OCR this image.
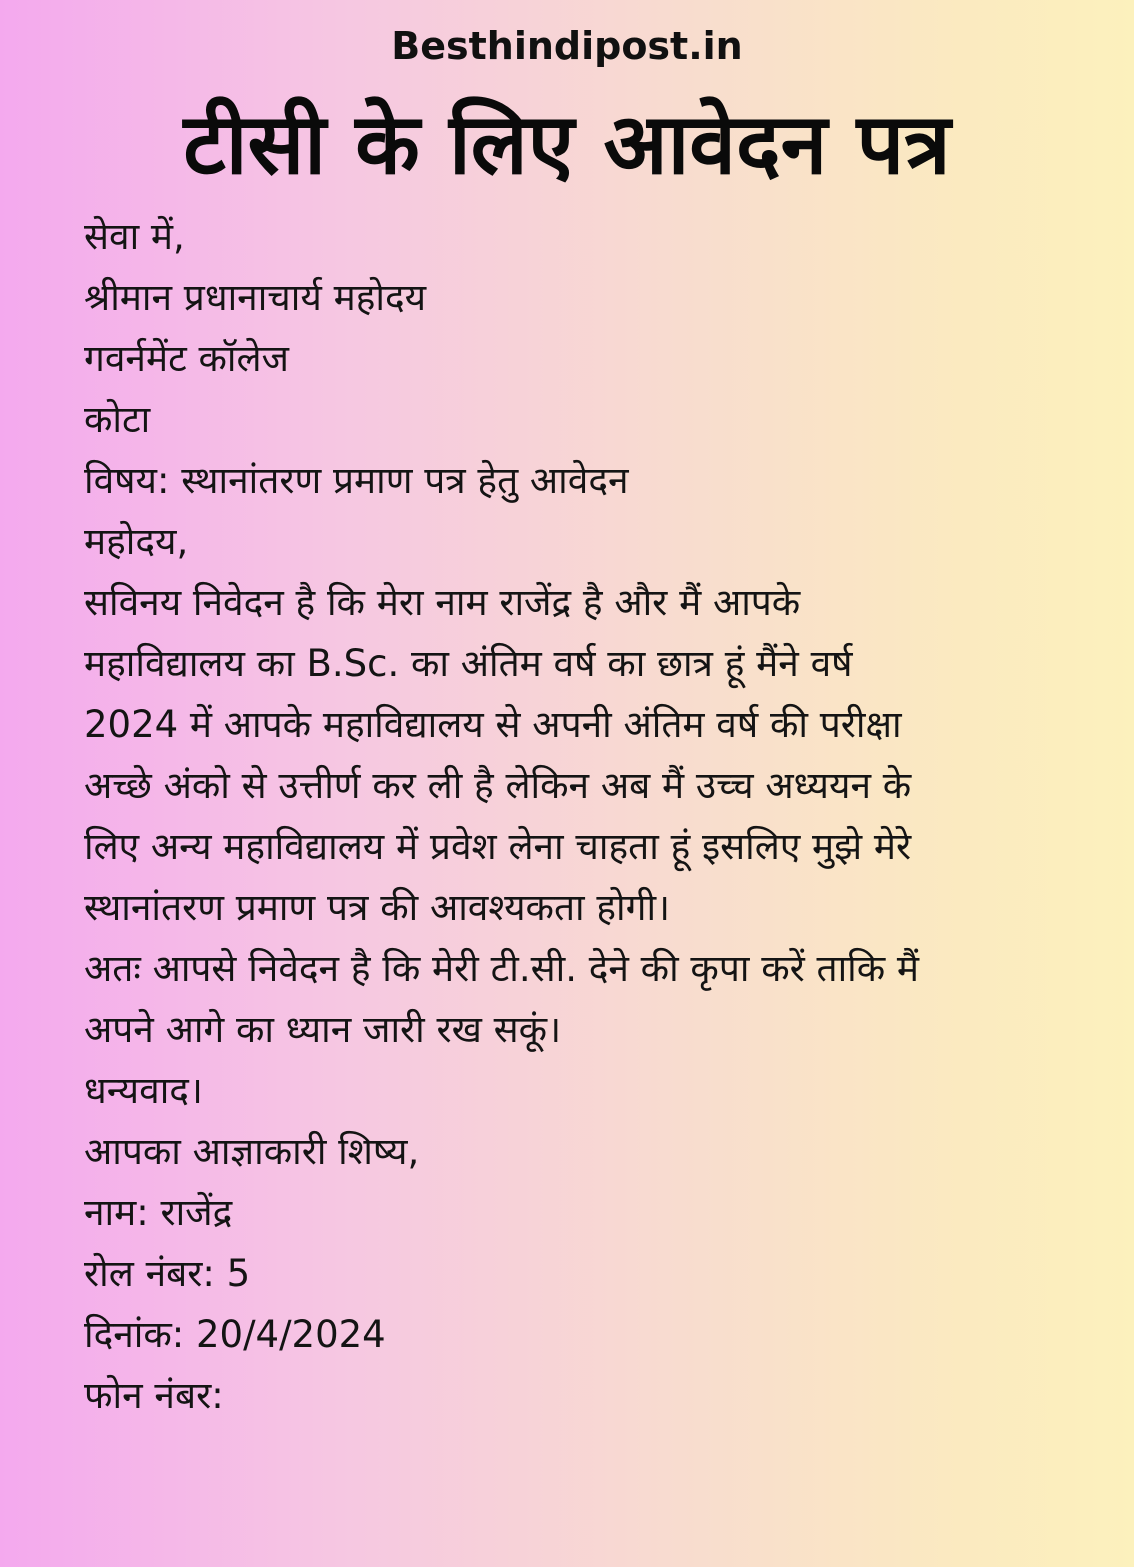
Besthindipost.in
टीसी के लिए आवेदन पत्र
सेवा में,
श्रीमान प्रधानाचार्य महोदय
गवर्नमेंट कॉलेज
कोटा
विषय: स्थानांतरण प्रमाण पत्र हेतु आवेदन
महोदय,
सविनय निवेदन है कि मेरा नाम राजेंद्र है और मैं आपके
महाविद्यालय का B.Sc. का अंतिम वर्ष का छात्र हूं मैंने वर्ष
2024 में आपके महाविद्यालय से अपनी अंतिम वर्ष की परीक्षा
अच्छे अंको से उत्तीर्ण कर ली है लेकिन अब मैं उच्च अध्ययन के
लिए अन्य महाविद्यालय में प्रवेश लेना चाहता हूं इसलिए मुझे मेरे
स्थानांतरण प्रमाण पत्र की आवश्यकता होगी।
अतः आपसे निवेदन है कि मेरी टी.सी. देने की कृपा करें ताकि मैं
अपने आगे का ध्यान जारी रख सकूं।
धन्यवाद।
आपका आज्ञाकारी शिष्य,
नाम: राजेंद्र
रोल नंबर: 5
दिनांक: 20/4/2024
फोन नंबर:
